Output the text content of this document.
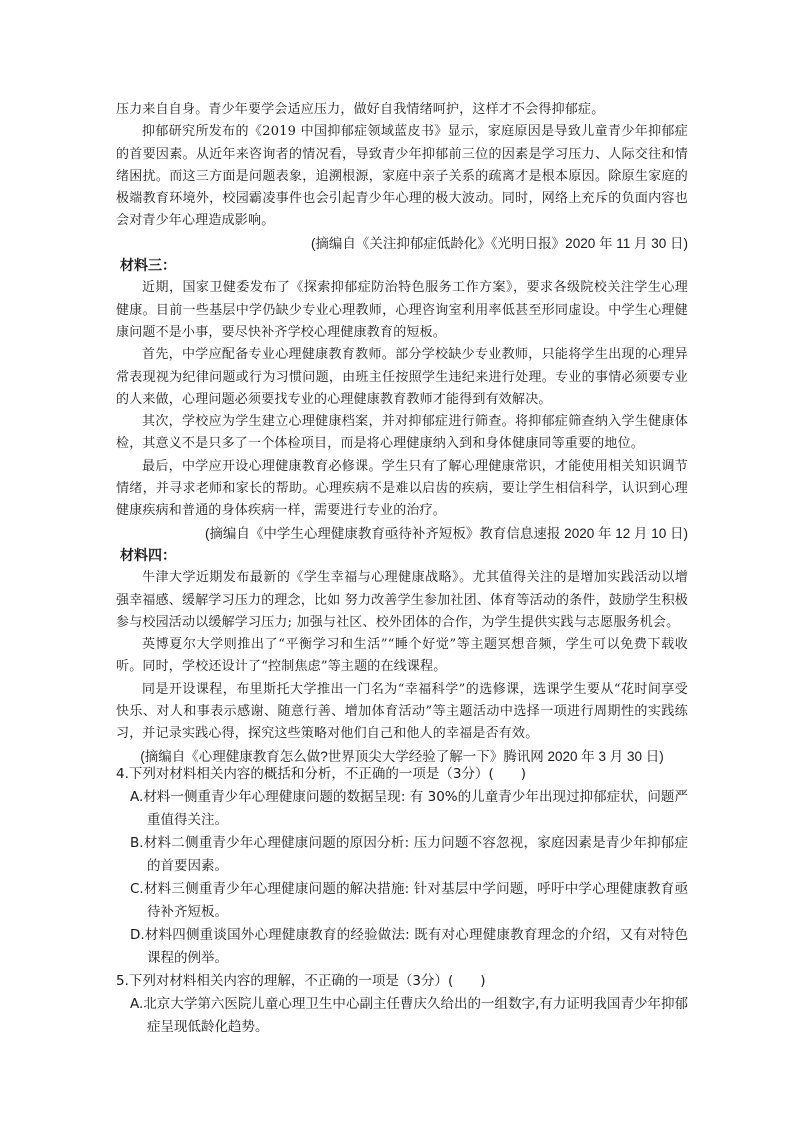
压力来自自身。青少年要学会适应压力，做好自我情绪呵护，这样才不会得抑郁症。

抑郁研究所发布的《2019 中国抑郁症领域蓝皮书》显示，家庭原因是导致儿童青少年抑郁症的首要因素。从近年来咨询者的情况看，导致青少年抑郁前三位的因素是学习压力、人际交往和情绪困扰。而这三方面是问题表象，追溯根源，家庭中亲子关系的疏离才是根本原因。除原生家庭的极端教育环境外，校园霸凌事件也会引起青少年心理的极大波动。同时，网络上充斥的负面内容也会对青少年心理造成影响。

(摘编自《关注抑郁症低龄化》《光明日报》2020 年 11 月 30 日)

材料三：

近期，国家卫健委发布了《探索抑郁症防治特色服务工作方案》，要求各级院校关注学生心理健康。目前一些基层中学仍缺少专业心理教师，心理咨询室利用率低甚至形同虚设。中学生心理健康问题不是小事，要尽快补齐学校心理健康教育的短板。

首先，中学应配备专业心理健康教育教师。部分学校缺少专业教师，只能将学生出现的心理异常表现视为纪律问题或行为习惯问题，由班主任按照学生违纪来进行处理。专业的事情必须要专业的人来做，心理问题必须要找专业的心理健康教育教师才能得到有效解决。

其次，学校应为学生建立心理健康档案，并对抑郁症进行筛查。将抑郁症筛查纳入学生健康体检，其意义不是只多了一个体检项目，而是将心理健康纳入到和身体健康同等重要的地位。

最后，中学应开设心理健康教育必修课。学生只有了解心理健康常识，才能使用相关知识调节情绪，并寻求老师和家长的帮助。心理疾病不是难以启齿的疾病，要让学生相信科学，认识到心理健康疾病和普通的身体疾病一样，需要进行专业的治疗。

(摘编自《中学生心理健康教育亟待补齐短板》教育信息速报 2020 年 12 月 10 日)

材料四：

牛津大学近期发布最新的《学生幸福与心理健康战略》。尤其值得关注的是增加实践活动以增强幸福感、缓解学习压力的理念，比如 努力改善学生参加社团、体育等活动的条件，鼓励学生积极参与校园活动以缓解学习压力; 加强与社区、校外团体的合作，为学生提供实践与志愿服务机会。

英博夏尔大学则推出了“平衡学习和生活”“睡个好觉”等主题冥想音频，学生可以免费下载收听。同时，学校还设计了“控制焦虑”等主题的在线课程。

同是开设课程，布里斯托大学推出一门名为“幸福科学”的选修课，选课学生要从“花时间享受快乐、对人和事表示感谢、随意行善、增加体育活动”等主题活动中选择一项进行周期性的实践练习，并记录实践心得，探究这些策略对他们自己和他人的幸福是否有效。

(摘编自《心理健康教育怎么做?世界顶尖大学经验了解一下》腾讯网 2020 年 3 月 30 日)

4.下列对材料相关内容的概括和分析，不正确的一项是（3分）(　　)

A.材料一侧重青少年心理健康问题的数据呈现: 有 30%的儿童青少年出现过抑郁症状，问题严重值得关注。

B.材料二侧重青少年心理健康问题的原因分析: 压力问题不容忽视，家庭因素是青少年抑郁症的首要因素。

C.材料三侧重青少年心理健康问题的解决措施: 针对基层中学问题，呼吁中学心理健康教育亟待补齐短板。

D.材料四侧重谈国外心理健康教育的经验做法: 既有对心理健康教育理念的介绍，又有对特色课程的例举。

5.下列对材料相关内容的理解，不正确的一项是（3分）(　　)

A.北京大学第六医院儿童心理卫生中心副主任曹庆久给出的一组数字,有力证明我国青少年抑郁症呈现低龄化趋势。
